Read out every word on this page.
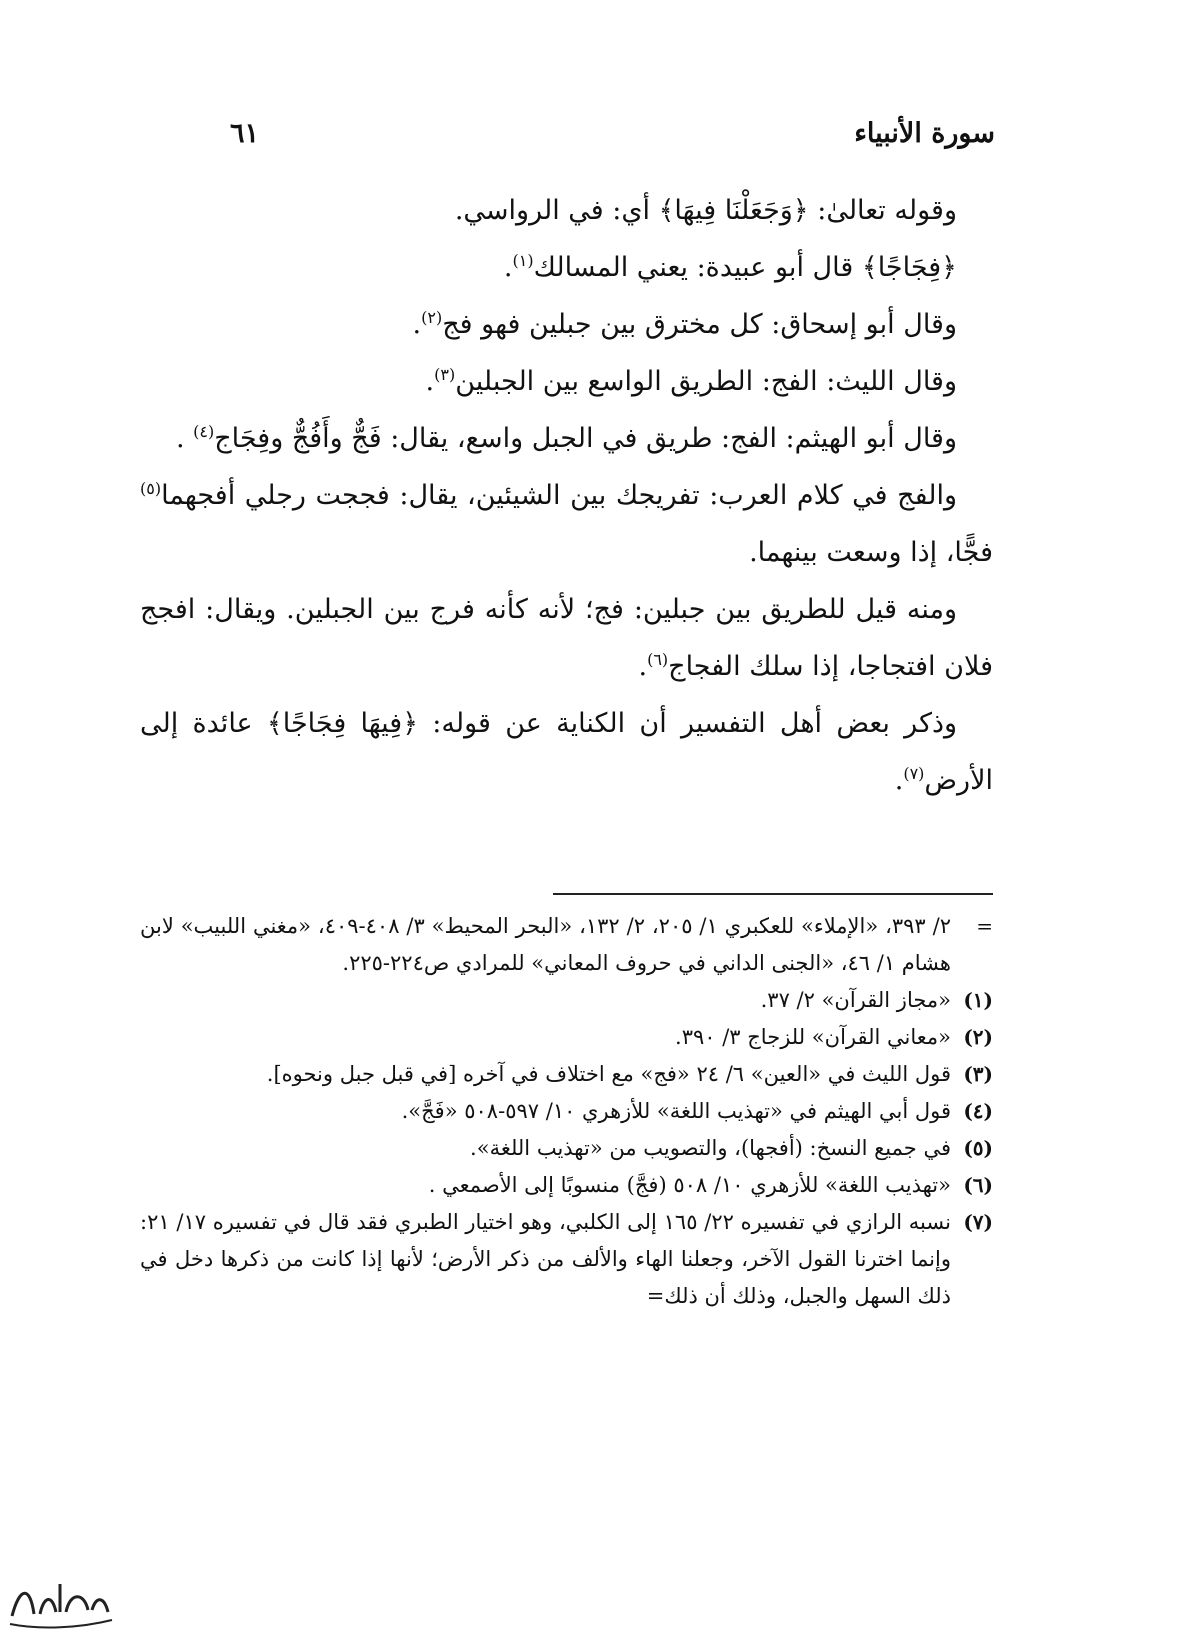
سورة الأنبياء
٦١

وقوله تعالىٰ: ﴿وَجَعَلْنَا فِيهَا﴾ أي: في الرواسي.

﴿فِجَاجًا﴾ قال أبو عبيدة: يعني المسالك$^{(١)}$.

وقال أبو إسحاق: كل مخترق بين جبلين فهو فج$^{(٢)}$.

وقال الليث: الفج: الطريق الواسع بين الجبلين$^{(٣)}$.

وقال أبو الهيثم: الفج: طريق في الجبل واسع، يقال: فَجٌّ وأَفُجٌّ وفِجَاج$^{(٤)}$ .

والفج في كلام العرب: تفريجك بين الشيئين، يقال: فججت رجلي أفجهما$^{(٥)}$ فجًّا، إذا وسعت بينهما.

ومنه قيل للطريق بين جبلين: فج؛ لأنه كأنه فرج بين الجبلين. ويقال: افجج فلان افتجاجا، إذا سلك الفجاج$^{(٦)}$.

وذكر بعض أهل التفسير أن الكناية عن قوله: ﴿فِيهَا فِجَاجًا﴾ عائدة إلى الأرض$^{(٧)}$.

=
٢/ ٣٩٣، «الإملاء» للعكبري ١/ ٢٠٥، ٢/ ١٣٢، «البحر المحيط» ٣/ ٤٠٨-٤٠٩، «مغني اللبيب» لابن هشام ١/ ٤٦، «الجنى الداني في حروف المعاني» للمرادي ص٢٢٤-٢٢٥.

(١)
«مجاز القرآن» ٢/ ٣٧.

(٢)
«معاني القرآن» للزجاج ٣/ ٣٩٠.

(٣)
قول الليث في «العين» ٦/ ٢٤ «فج» مع اختلاف في آخره [في قبل جبل ونحوه].

(٤)
قول أبي الهيثم في «تهذيب اللغة» للأزهري ١٠/ ٥٩٧-٥٠٨ «فَجَّ».

(٥)
في جميع النسخ: (أفجها)، والتصويب من «تهذيب اللغة».

(٦)
«تهذيب اللغة» للأزهري ١٠/ ٥٠٨ (فجَّ) منسوبًا إلى الأصمعي .

(٧)
نسبه الرازي في تفسيره ٢٢/ ١٦٥ إلى الكلبي، وهو اختيار الطبري فقد قال في تفسيره ١٧/ ٢١: وإنما اخترنا القول الآخر، وجعلنا الهاء والألف من ذكر الأرض؛ لأنها إذا كانت من ذكرها دخل في ذلك السهل والجبل، وذلك أن ذلك=
